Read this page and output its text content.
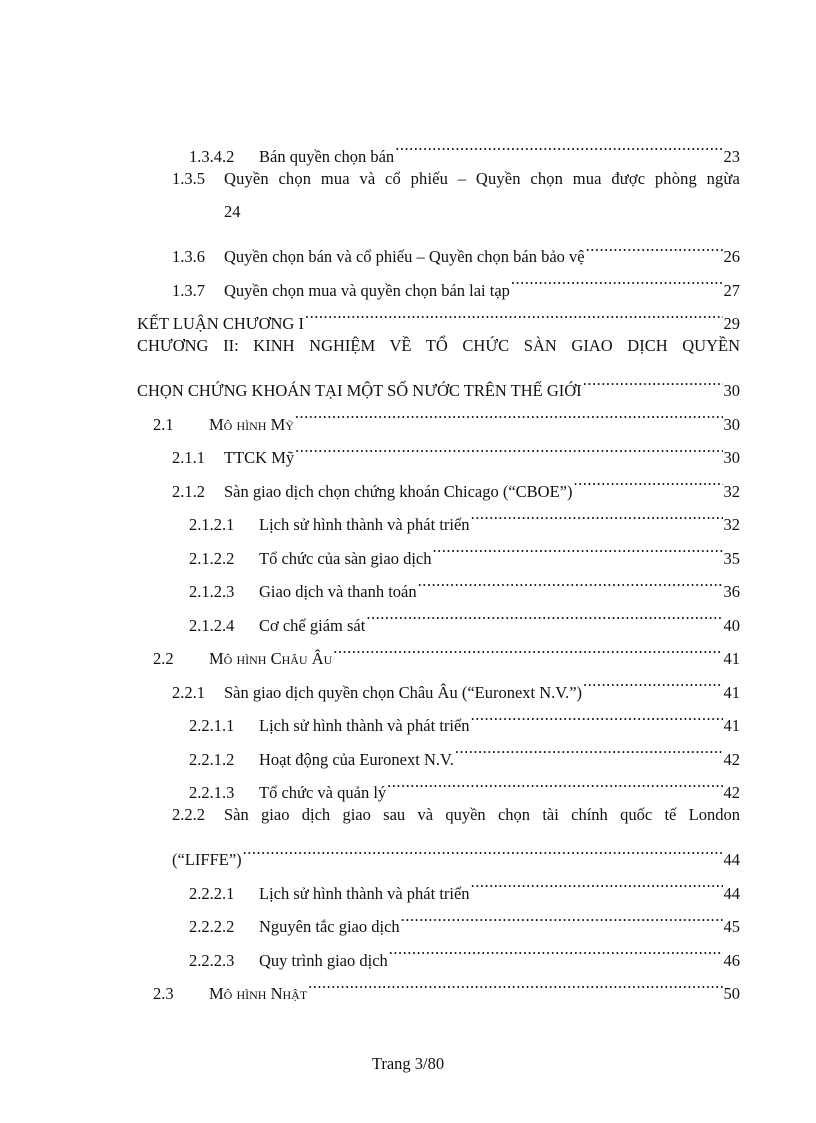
1.3.4.2	Bán quyền chọn bán .....	23
1.3.5	Quyền chọn mua và cổ phiếu – Quyền chọn mua được phòng ngừa
24
1.3.6	Quyền chọn bán và cổ phiếu – Quyền chọn bán bảo vệ .....	26
1.3.7	Quyền chọn mua và quyền chọn bán lai tạp .....	27
KẾT LUẬN CHƯƠNG I .....	29
CHƯƠNG II: KINH NGHIỆM VỀ TỔ CHỨC SÀN GIAO DỊCH QUYỀN
CHỌN CHỨNG KHOÁN TẠI MỘT SỐ NƯỚC TRÊN THẾ GIỚI .....	30
2.1	Mô hình Mỹ .....	30
2.1.1	TTCK Mỹ .....	30
2.1.2	Sàn giao dịch chọn chứng khoán Chicago (“CBOE”) .....	32
2.1.2.1	Lịch sử hình thành và phát triển .....	32
2.1.2.2	Tổ chức của sàn giao dịch .....	35
2.1.2.3	Giao dịch và thanh toán .....	36
2.1.2.4	Cơ chế giám sát .....	40
2.2	Mô hình Châu Âu .....	41
2.2.1	Sàn giao dịch quyền chọn Châu Âu (“Euronext N.V.”) .....	41
2.2.1.1	Lịch sử hình thành và phát triển .....	41
2.2.1.2	Hoạt động của Euronext N.V. .....	42
2.2.1.3	Tổ chức và quản lý .....	42
2.2.2	Sàn giao dịch giao sau và quyền chọn tài chính quốc tế London
(“LIFFE”) .....	44
2.2.2.1	Lịch sử hình thành và phát triển .....	44
2.2.2.2	Nguyên tắc giao dịch .....	45
2.2.2.3	Quy trình giao dịch .....	46
2.3	Mô hình Nhật .....	50
Trang 3/80
